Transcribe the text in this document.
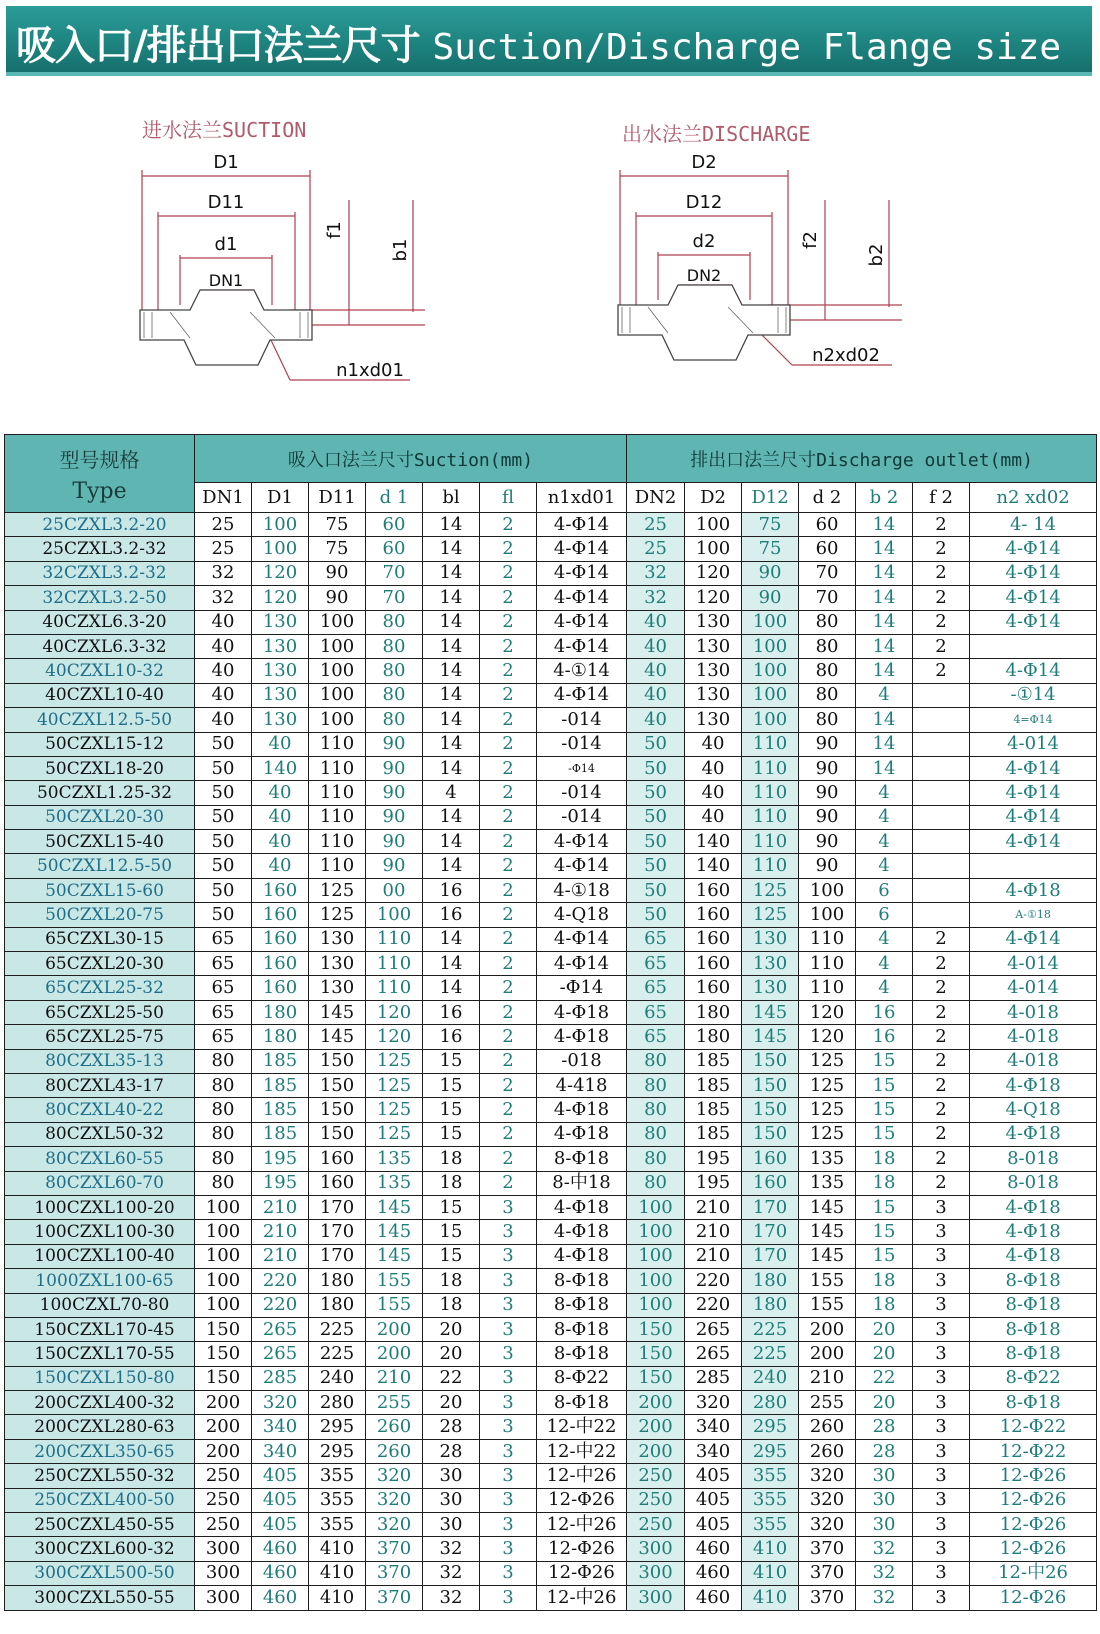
吸入口/排出口法兰尺寸 Suction/Discharge Flange size
进水法兰SUCTION
D1
D11
d1
DN1
f1
b1
n1xd01
出水法兰DISCHARGE
D2
D12
d2
DN2
f2
b2
n2xd02
型号规格
Type	吸入口法兰尺寸Suction(mm)							排出口法兰尺寸Discharge outlet(mm)						
	DN1	D1	D11	d 1	bl	fl	n1xd01	DN2	D2	D12	d 2	b 2	f 2	n2 xd02
25CZXL3.2-20	25	100	75	60	14	2	4-Φ14	25	100	75	60	14	2	4- 14
25CZXL3.2-32	25	100	75	60	14	2	4-Φ14	25	100	75	60	14	2	4-Φ14
32CZXL3.2-32	32	120	90	70	14	2	4-Φ14	32	120	90	70	14	2	4-Φ14
32CZXL3.2-50	32	120	90	70	14	2	4-Φ14	32	120	90	70	14	2	4-Φ14
40CZXL6.3-20	40	130	100	80	14	2	4-Φ14	40	130	100	80	14	2	4-Φ14
40CZXL6.3-32	40	130	100	80	14	2	4-Φ14	40	130	100	80	14	2	
40CZXL10-32	40	130	100	80	14	2	4-①14	40	130	100	80	14	2	4-Φ14
40CZXL10-40	40	130	100	80	14	2	4-Φ14	40	130	100	80	4		-①14
40CZXL12.5-50	40	130	100	80	14	2	-014	40	130	100	80	14		4=Φ14
50CZXL15-12	50	40	110	90	14	2	-014	50	40	110	90	14		4-014
50CZXL18-20	50	140	110	90	14	2	-Φ14	50	40	110	90	14		4-Φ14
50CZXL1.25-32	50	40	110	90	4	2	-014	50	40	110	90	4		4-Φ14
50CZXL20-30	50	40	110	90	14	2	-014	50	40	110	90	4		4-Φ14
50CZXL15-40	50	40	110	90	14	2	4-Φ14	50	140	110	90	4		4-Φ14
50CZXL12.5-50	50	40	110	90	14	2	4-Φ14	50	140	110	90	4		
50CZXL15-60	50	160	125	00	16	2	4-①18	50	160	125	100	6		4-Φ18
50CZXL20-75	50	160	125	100	16	2	4-Q18	50	160	125	100	6		A-①18
65CZXL30-15	65	160	130	110	14	2	4-Φ14	65	160	130	110	4	2	4-Φ14
65CZXL20-30	65	160	130	110	14	2	4-Φ14	65	160	130	110	4	2	4-014
65CZXL25-32	65	160	130	110	14	2	-Φ14	65	160	130	110	4	2	4-014
65CZXL25-50	65	180	145	120	16	2	4-Φ18	65	180	145	120	16	2	4-018
65CZXL25-75	65	180	145	120	16	2	4-Φ18	65	180	145	120	16	2	4-018
80CZXL35-13	80	185	150	125	15	2	-018	80	185	150	125	15	2	4-018
80CZXL43-17	80	185	150	125	15	2	4-418	80	185	150	125	15	2	4-Φ18
80CZXL40-22	80	185	150	125	15	2	4-Φ18	80	185	150	125	15	2	4-Q18
80CZXL50-32	80	185	150	125	15	2	4-Φ18	80	185	150	125	15	2	4-Φ18
80CZXL60-55	80	195	160	135	18	2	8-Φ18	80	195	160	135	18	2	8-018
80CZXL60-70	80	195	160	135	18	2	8-中18	80	195	160	135	18	2	8-018
100CZXL100-20	100	210	170	145	15	3	4-Φ18	100	210	170	145	15	3	4-Φ18
100CZXL100-30	100	210	170	145	15	3	4-Φ18	100	210	170	145	15	3	4-Φ18
100CZXL100-40	100	210	170	145	15	3	4-Φ18	100	210	170	145	15	3	4-Φ18
1000ZXL100-65	100	220	180	155	18	3	8-Φ18	100	220	180	155	18	3	8-Φ18
100CZXL70-80	100	220	180	155	18	3	8-Φ18	100	220	180	155	18	3	8-Φ18
150CZXL170-45	150	265	225	200	20	3	8-Φ18	150	265	225	200	20	3	8-Φ18
150CZXL170-55	150	265	225	200	20	3	8-Φ18	150	265	225	200	20	3	8-Φ18
150CZXL150-80	150	285	240	210	22	3	8-Φ22	150	285	240	210	22	3	8-Φ22
200CZXL400-32	200	320	280	255	20	3	8-Φ18	200	320	280	255	20	3	8-Φ18
200CZXL280-63	200	340	295	260	28	3	12-中22	200	340	295	260	28	3	12-Φ22
200CZXL350-65	200	340	295	260	28	3	12-中22	200	340	295	260	28	3	12-Φ22
250CZXL550-32	250	405	355	320	30	3	12-中26	250	405	355	320	30	3	12-Φ26
250CZXL400-50	250	405	355	320	30	3	12-Φ26	250	405	355	320	30	3	12-Φ26
250CZXL450-55	250	405	355	320	30	3	12-中26	250	405	355	320	30	3	12-Φ26
300CZXL600-32	300	460	410	370	32	3	12-Φ26	300	460	410	370	32	3	12-Φ26
300CZXL500-50	300	460	410	370	32	3	12-Φ26	300	460	410	370	32	3	12-中26
300CZXL550-55	300	460	410	370	32	3	12-中26	300	460	410	370	32	3	12-Φ26
